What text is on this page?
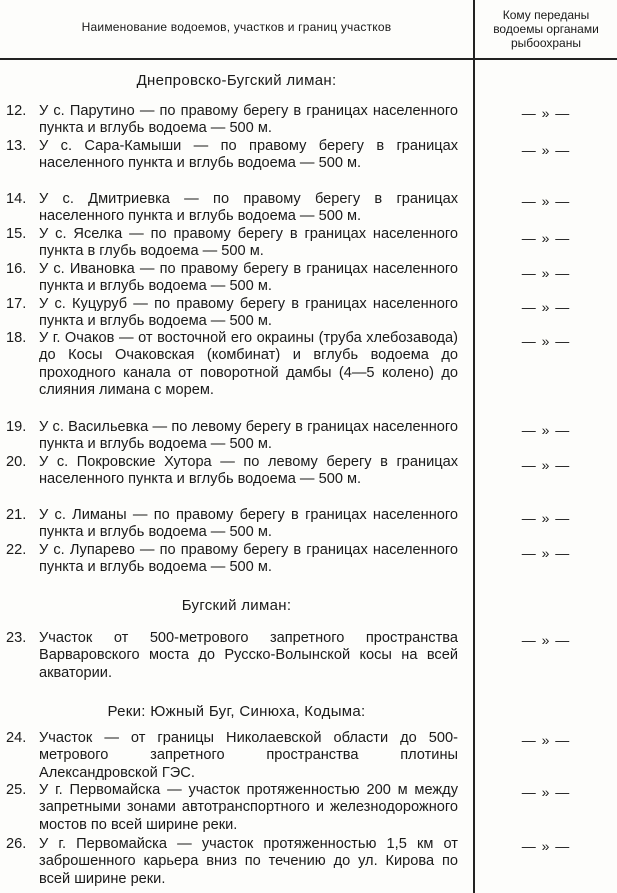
Наименование водоемов, участков и границ участков
Кому переданы водоемы органами рыбоохраны
Днепровско-Бугский лиман:
12. У с. Парутино — по правому берегу в границах населенного пункта и вглубь водоема — 500 м.
— » —
13. У с. Сара-Камыши — по правому берегу в границах населенного пункта и вглубь водоема — 500 м.
— » —
14. У с. Дмитриевка — по правому берегу в границах населенного пункта и вглубь водоема — 500 м.
— » —
15. У с. Яселка — по правому берегу в границах населенного пункта в глубь водоема — 500 м.
— » —
16. У с. Ивановка — по правому берегу в границах населенного пункта и вглубь водоема — 500 м.
— » —
17. У с. Куцуруб — по правому берегу в границах населенного пункта и вглубь водоема — 500 м.
— » —
18. У г. Очаков — от восточной его окраины (труба хлебозавода) до Косы Очаковская (комбинат) и вглубь водоема до проходного канала от поворотной дамбы (4—5 колено) до слияния лимана с морем.
— » —
19. У с. Васильевка — по левому берегу в границах населенного пункта и вглубь водоема — 500 м.
— » —
20. У с. Покровские Хутора — по левому берегу в границах населенного пункта и вглубь водоема — 500 м.
— » —
21. У с. Лиманы — по правому берегу в границах населенного пункта и вглубь водоема — 500 м.
— » —
22. У с. Лупарево — по правому берегу в границах населенного пункта и вглубь водоема — 500 м.
— » —
Бугский лиман:
23. Участок от 500-метрового запретного пространства Варваровского моста до Русско-Волынской косы на всей акватории.
— » —
Реки: Южный Буг, Синюха, Кодыма:
24. Участок — от границы Николаевской области до 500-метрового запретного пространства плотины Александровской ГЭС.
— » —
25. У г. Первомайска — участок протяженностью 200 м между запретными зонами автотранспортного и железнодорожного мостов по всей ширине реки.
— » —
26. У г. Первомайска — участок протяженностью 1,5 км от заброшенного карьера вниз по течению до ул. Кирова по всей ширине реки.
— » —
